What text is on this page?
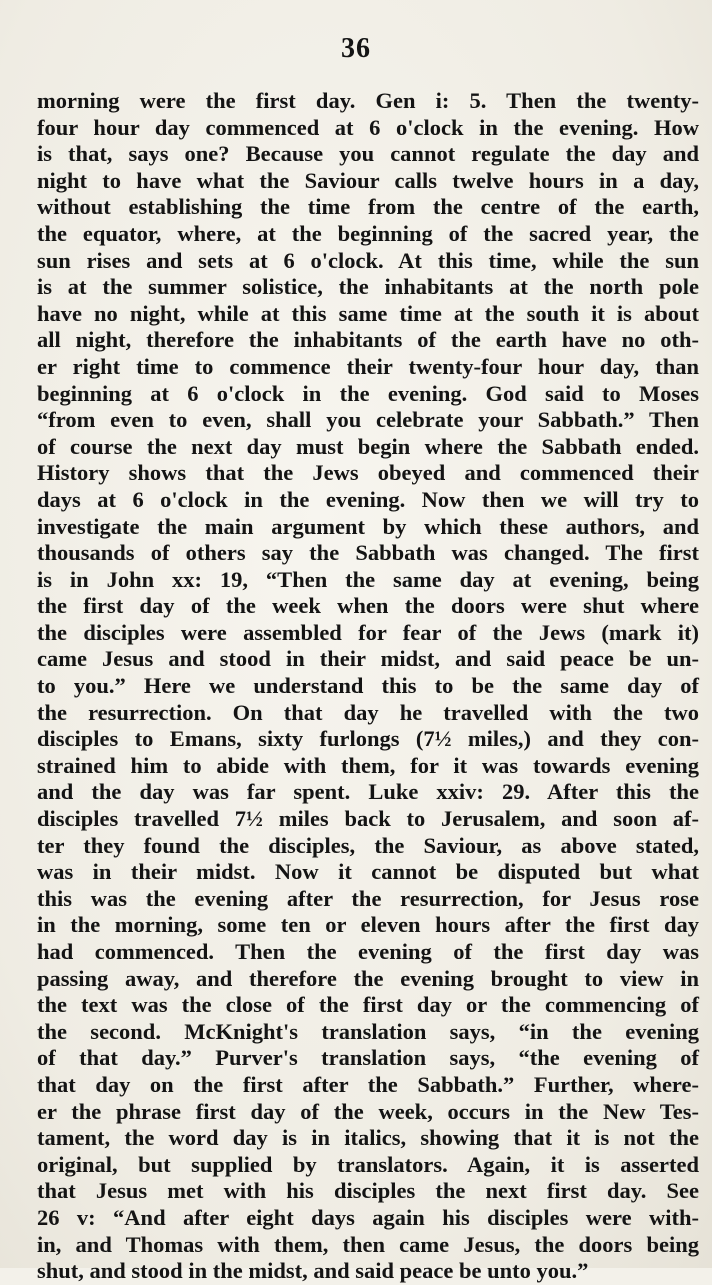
36
morning were the first day. Gen i: 5. Then the twenty-
four hour day commenced at 6 o'clock in the evening. How
is that, says one? Because you cannot regulate the day and
night to have what the Saviour calls twelve hours in a day,
without establishing the time from the centre of the earth,
the equator, where, at the beginning of the sacred year, the
sun rises and sets at 6 o'clock. At this time, while the sun
is at the summer solistice, the inhabitants at the north pole
have no night, while at this same time at the south it is about
all night, therefore the inhabitants of the earth have no oth-
er right time to commence their twenty-four hour day, than
beginning at 6 o'clock in the evening. God said to Moses
“from even to even, shall you celebrate your Sabbath.” Then
of course the next day must begin where the Sabbath ended.
History shows that the Jews obeyed and commenced their
days at 6 o'clock in the evening. Now then we will try to
investigate the main argument by which these authors, and
thousands of others say the Sabbath was changed. The first
is in John xx: 19, “Then the same day at evening, being
the first day of the week when the doors were shut where
the disciples were assembled for fear of the Jews (mark it)
came Jesus and stood in their midst, and said peace be un-
to you.” Here we understand this to be the same day of
the resurrection. On that day he travelled with the two
disciples to Emans, sixty furlongs (7½ miles,) and they con-
strained him to abide with them, for it was towards evening
and the day was far spent. Luke xxiv: 29. After this the
disciples travelled 7½ miles back to Jerusalem, and soon af-
ter they found the disciples, the Saviour, as above stated,
was in their midst. Now it cannot be disputed but what
this was the evening after the resurrection, for Jesus rose
in the morning, some ten or eleven hours after the first day
had commenced. Then the evening of the first day was
passing away, and therefore the evening brought to view in
the text was the close of the first day or the commencing of
the second. McKnight's translation says, “in the evening
of that day.” Purver's translation says, “the evening of
that day on the first after the Sabbath.” Further, where-
er the phrase first day of the week, occurs in the New Tes-
tament, the word day is in italics, showing that it is not the
original, but supplied by translators. Again, it is asserted
that Jesus met with his disciples the next first day. See
26 v: “And after eight days again his disciples were with-
in, and Thomas with them, then came Jesus, the doors being
shut, and stood in the midst, and said peace be unto you.”
